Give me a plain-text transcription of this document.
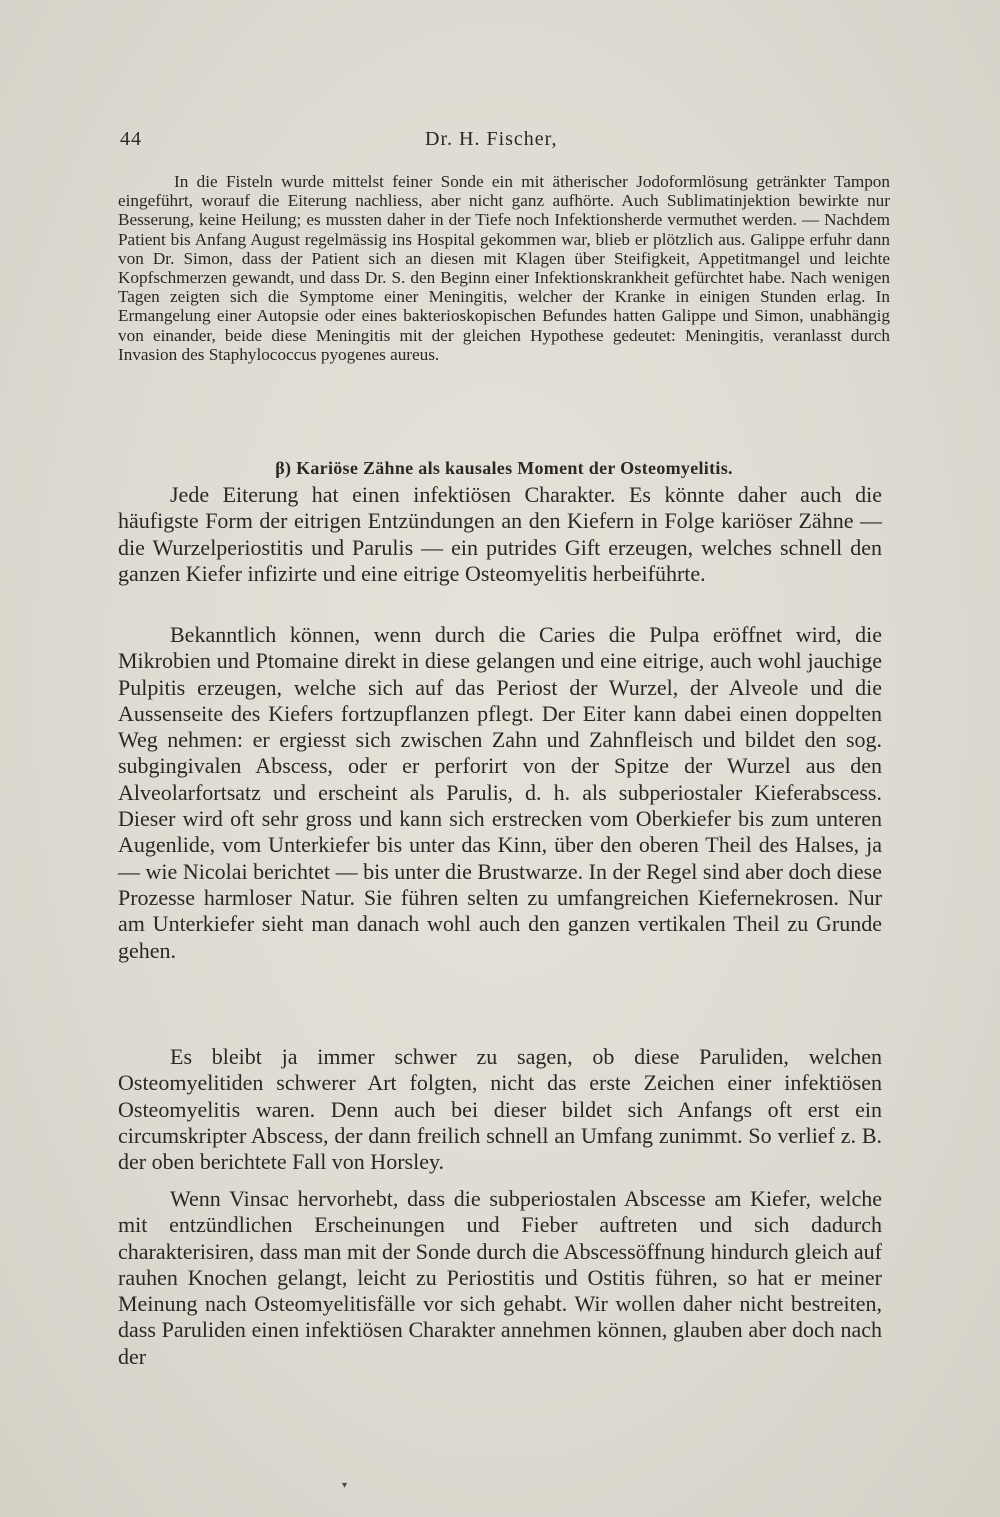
44	Dr. H. Fischer,

In die Fisteln wurde mittelst feiner Sonde ein mit ätherischer Jodoformlösung getränkter Tampon eingeführt, worauf die Eiterung nachliess, aber nicht ganz aufhörte. Auch Sublimatinjektion bewirkte nur Besserung, keine Heilung; es mussten daher in der Tiefe noch Infektionsherde vermuthet werden. — Nachdem Patient bis Anfang August regelmässig ins Hospital gekommen war, blieb er plötzlich aus. Galippe erfuhr dann von Dr. Simon, dass der Patient sich an diesen mit Klagen über Steifigkeit, Appetitmangel und leichte Kopfschmerzen gewandt, und dass Dr. S. den Beginn einer Infektionskrankheit gefürchtet habe. Nach wenigen Tagen zeigten sich die Symptome einer Meningitis, welcher der Kranke in einigen Stunden erlag. In Ermangelung einer Autopsie oder eines bakterioskopischen Befundes hatten Galippe und Simon, unabhängig von einander, beide diese Meningitis mit der gleichen Hypothese gedeutet: Meningitis, veranlasst durch Invasion des Staphylococcus pyogenes aureus.

β) Kariöse Zähne als kausales Moment der Osteomyelitis.

Jede Eiterung hat einen infektiösen Charakter. Es könnte daher auch die häufigste Form der eitrigen Entzündungen an den Kiefern in Folge kariöser Zähne — die Wurzelperiostitis und Parulis — ein putrides Gift erzeugen, welches schnell den ganzen Kiefer infizirte und eine eitrige Osteomyelitis herbeiführte.

Bekanntlich können, wenn durch die Caries die Pulpa eröffnet wird, die Mikrobien und Ptomaine direkt in diese gelangen und eine eitrige, auch wohl jauchige Pulpitis erzeugen, welche sich auf das Periost der Wurzel, der Alveole und die Aussenseite des Kiefers fortzupflanzen pflegt. Der Eiter kann dabei einen doppelten Weg nehmen: er ergiesst sich zwischen Zahn und Zahnfleisch und bildet den sog. subgingivalen Abscess, oder er perforirt von der Spitze der Wurzel aus den Alveolarfortsatz und erscheint als Parulis, d. h. als subperiostaler Kieferabscess. Dieser wird oft sehr gross und kann sich erstrecken vom Oberkiefer bis zum unteren Augenlide, vom Unterkiefer bis unter das Kinn, über den oberen Theil des Halses, ja — wie Nicolai berichtet — bis unter die Brustwarze. In der Regel sind aber doch diese Prozesse harmloser Natur. Sie führen selten zu umfangreichen Kiefernekrosen. Nur am Unterkiefer sieht man danach wohl auch den ganzen vertikalen Theil zu Grunde gehen.

Es bleibt ja immer schwer zu sagen, ob diese Paruliden, welchen Osteomyelitiden schwerer Art folgten, nicht das erste Zeichen einer infektiösen Osteomyelitis waren. Denn auch bei dieser bildet sich Anfangs oft erst ein circumskripter Abscess, der dann freilich schnell an Umfang zunimmt. So verlief z. B. der oben berichtete Fall von Horsley.

Wenn Vinsac hervorhebt, dass die subperiostalen Abscesse am Kiefer, welche mit entzündlichen Erscheinungen und Fieber auftreten und sich dadurch charakterisiren, dass man mit der Sonde durch die Abscessöffnung hindurch gleich auf rauhen Knochen gelangt, leicht zu Periostitis und Ostitis führen, so hat er meiner Meinung nach Osteomyelitisfälle vor sich gehabt. Wir wollen daher nicht bestreiten, dass Paruliden einen infektiösen Charakter annehmen können, glauben aber doch nach der

▾
